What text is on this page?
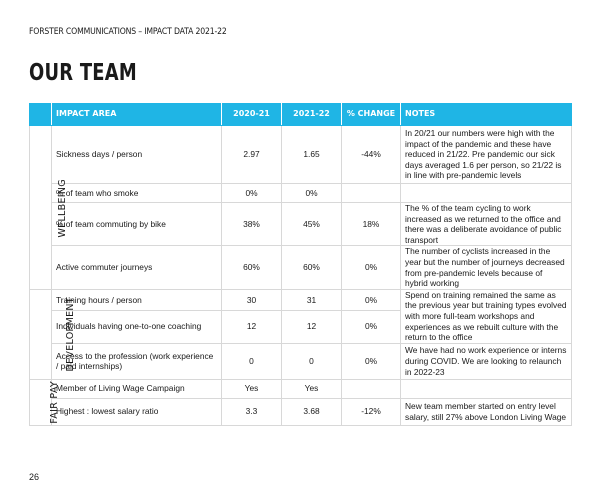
FORSTER COMMUNICATIONS – IMPACT DATA 2021-22
OUR TEAM
	IMPACT AREA	2020-21	2021-22	% CHANGE	NOTES
WELLBEING	Sickness days / person	2.97	1.65	-44%	In 20/21 our numbers were high with the impact of the pandemic and these have reduced in 21/22. Pre pandemic our sick days averaged 1.6 per person, so 21/22 is in line with pre-pandemic levels
	% of team who smoke	0%	0%		
	% of team commuting by bike	38%	45%	18%	The % of the team cycling to work increased as we returned to the office and there was a deliberate avoidance of public transport
	Active commuter journeys	60%	60%	0%	The number of cyclists increased in the year but the number of journeys decreased from pre-pandemic levels because of hybrid working
DEVELOPMENT	Training hours / person	30	31	0%	Spend on training remained the same as the previous year but training types evolved with more full-team workshops and experiences as we rebuilt culture with the return to the office
	Individuals having one-to-one coaching	12	12	0%	
	Access to the profession (work experience / paid internships)	0	0	0%	We have had no work experience or interns during COVID. We are looking to relaunch in 2022-23
FAIR PAY	Member of Living Wage Campaign	Yes	Yes		
	Highest : lowest salary ratio	3.3	3.68	-12%	New team member started on entry level salary, still 27% above London Living Wage
26
